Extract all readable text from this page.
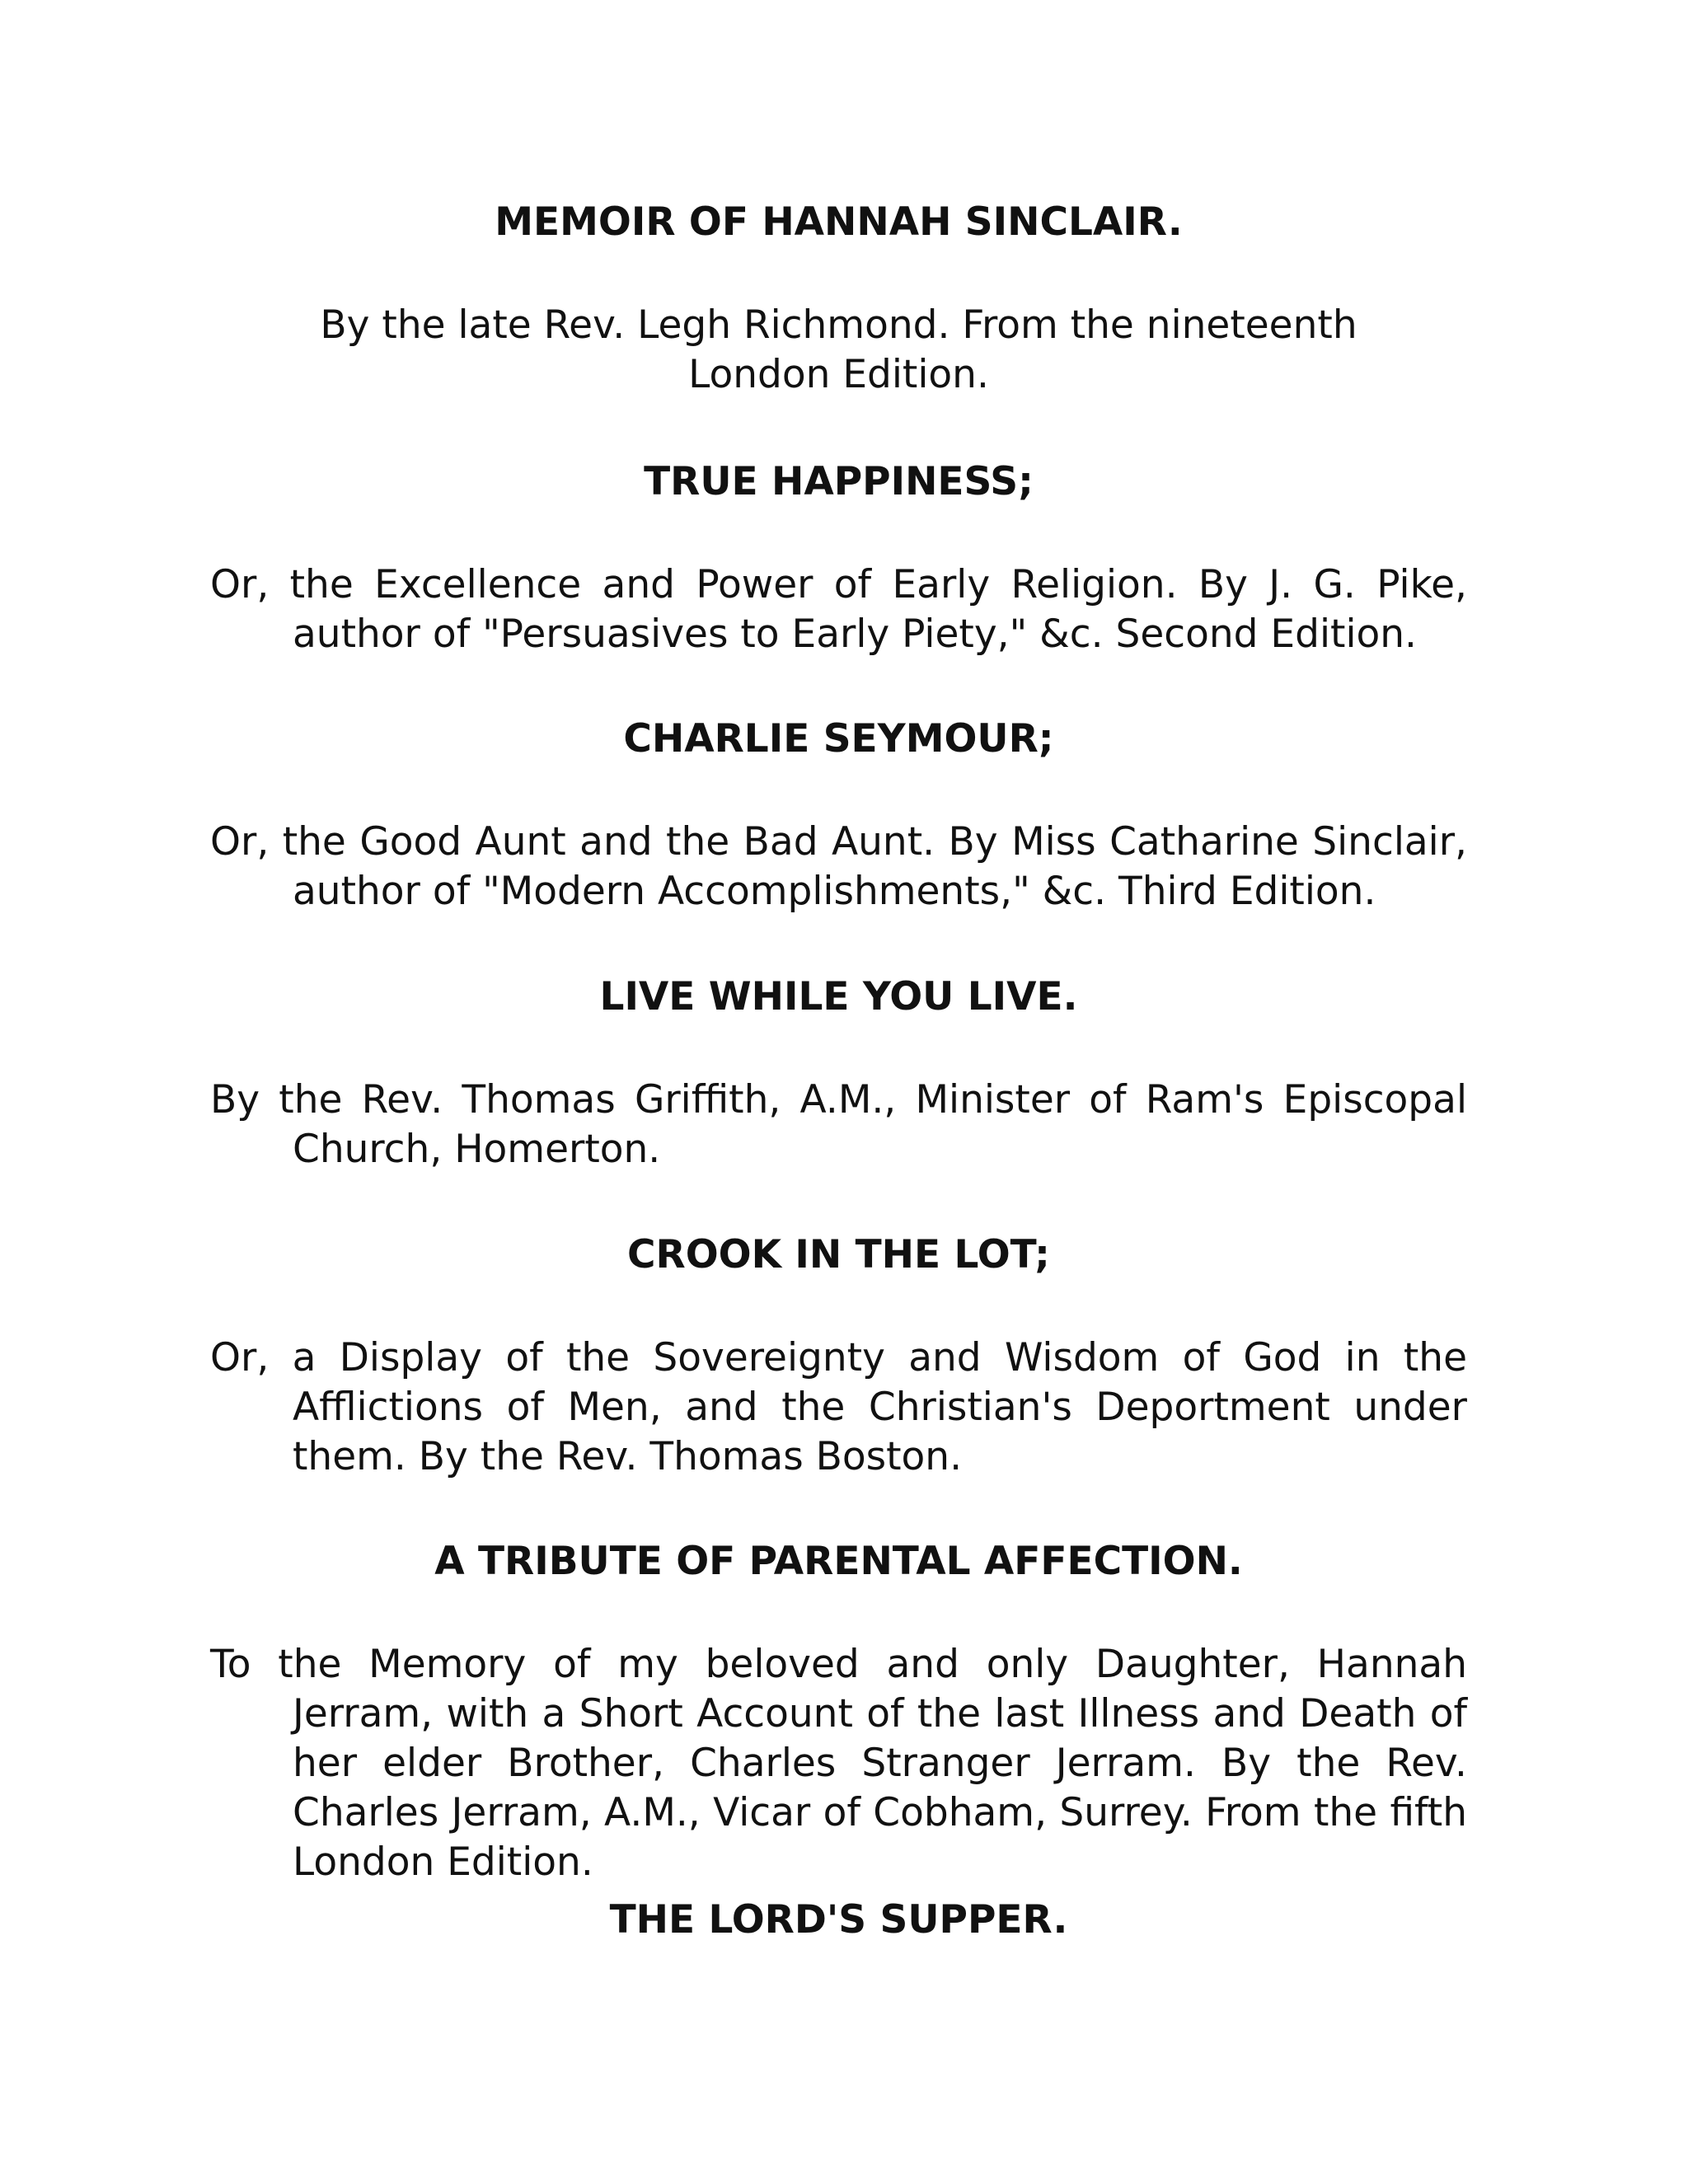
MEMOIR OF HANNAH SINCLAIR.

By the late Rev. Legh Richmond. From the nineteenth London Edition.

TRUE HAPPINESS;

Or, the Excellence and Power of Early Religion. By J. G. Pike, author of "Persuasives to Early Piety," &c. Second Edition.

CHARLIE SEYMOUR;

Or, the Good Aunt and the Bad Aunt. By Miss Catharine Sinclair, author of "Modern Accomplishments," &c. Third Edition.

LIVE WHILE YOU LIVE.

By the Rev. Thomas Griffith, A.M., Minister of Ram's Episcopal Church, Homerton.

CROOK IN THE LOT;

Or, a Display of the Sovereignty and Wisdom of God in the Afflictions of Men, and the Christian's Deportment under them. By the Rev. Thomas Boston.

A TRIBUTE OF PARENTAL AFFECTION.

To the Memory of my beloved and only Daughter, Hannah Jerram, with a Short Account of the last Illness and Death of her elder Brother, Charles Stranger Jerram. By the Rev. Charles Jerram, A.M., Vicar of Cobham, Surrey. From the fifth London Edition.

THE LORD'S SUPPER.
